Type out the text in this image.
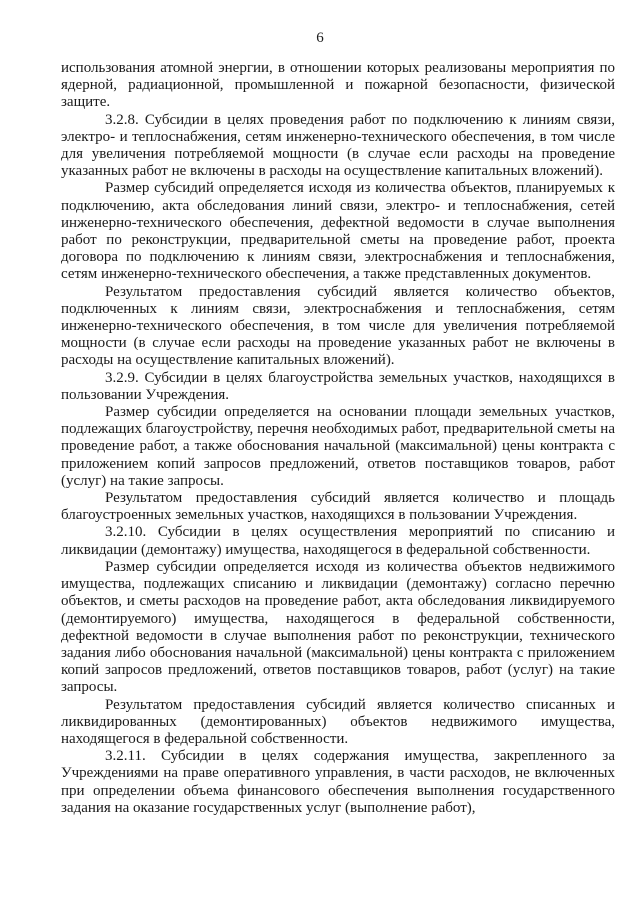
6

использования атомной энергии, в отношении которых реализованы мероприятия по ядерной, радиационной, промышленной и пожарной безопасности, физической защите.

3.2.8. Субсидии в целях проведения работ по подключению к линиям связи, электро- и теплоснабжения, сетям инженерно-технического обеспечения, в том числе для увеличения потребляемой мощности (в случае если расходы на проведение указанных работ не включены в расходы на осуществление капитальных вложений).

Размер субсидий определяется исходя из количества объектов, планируемых к подключению, акта обследования линий связи, электро- и теплоснабжения, сетей инженерно-технического обеспечения, дефектной ведомости в случае выполнения работ по реконструкции, предварительной сметы на проведение работ, проекта договора по подключению к линиям связи, электроснабжения и теплоснабжения, сетям инженерно-технического обеспечения, а также представленных документов.

Результатом предоставления субсидий является количество объектов, подключенных к линиям связи, электроснабжения и теплоснабжения, сетям инженерно-технического обеспечения, в том числе для увеличения потребляемой мощности (в случае если расходы на проведение указанных работ не включены в расходы на осуществление капитальных вложений).

3.2.9. Субсидии в целях благоустройства земельных участков, находящихся в пользовании Учреждения.

Размер субсидии определяется на основании площади земельных участков, подлежащих благоустройству, перечня необходимых работ, предварительной сметы на проведение работ, а также обоснования начальной (максимальной) цены контракта с приложением копий запросов предложений, ответов поставщиков товаров, работ (услуг) на такие запросы.

Результатом предоставления субсидий является количество и площадь благоустроенных земельных участков, находящихся в пользовании Учреждения.

3.2.10. Субсидии в целях осуществления мероприятий по списанию и ликвидации (демонтажу) имущества, находящегося в федеральной собственности.

Размер субсидии определяется исходя из количества объектов недвижимого имущества, подлежащих списанию и ликвидации (демонтажу) согласно перечню объектов, и сметы расходов на проведение работ, акта обследования ликвидируемого (демонтируемого) имущества, находящегося в федеральной собственности, дефектной ведомости в случае выполнения работ по реконструкции, технического задания либо обоснования начальной (максимальной) цены контракта с приложением копий запросов предложений, ответов поставщиков товаров, работ (услуг) на такие запросы.

Результатом предоставления субсидий является количество списанных и ликвидированных (демонтированных) объектов недвижимого имущества, находящегося в федеральной собственности.

3.2.11. Субсидии в целях содержания имущества, закрепленного за Учреждениями на праве оперативного управления, в части расходов, не включенных при определении объема финансового обеспечения выполнения государственного задания на оказание государственных услуг (выполнение работ),
